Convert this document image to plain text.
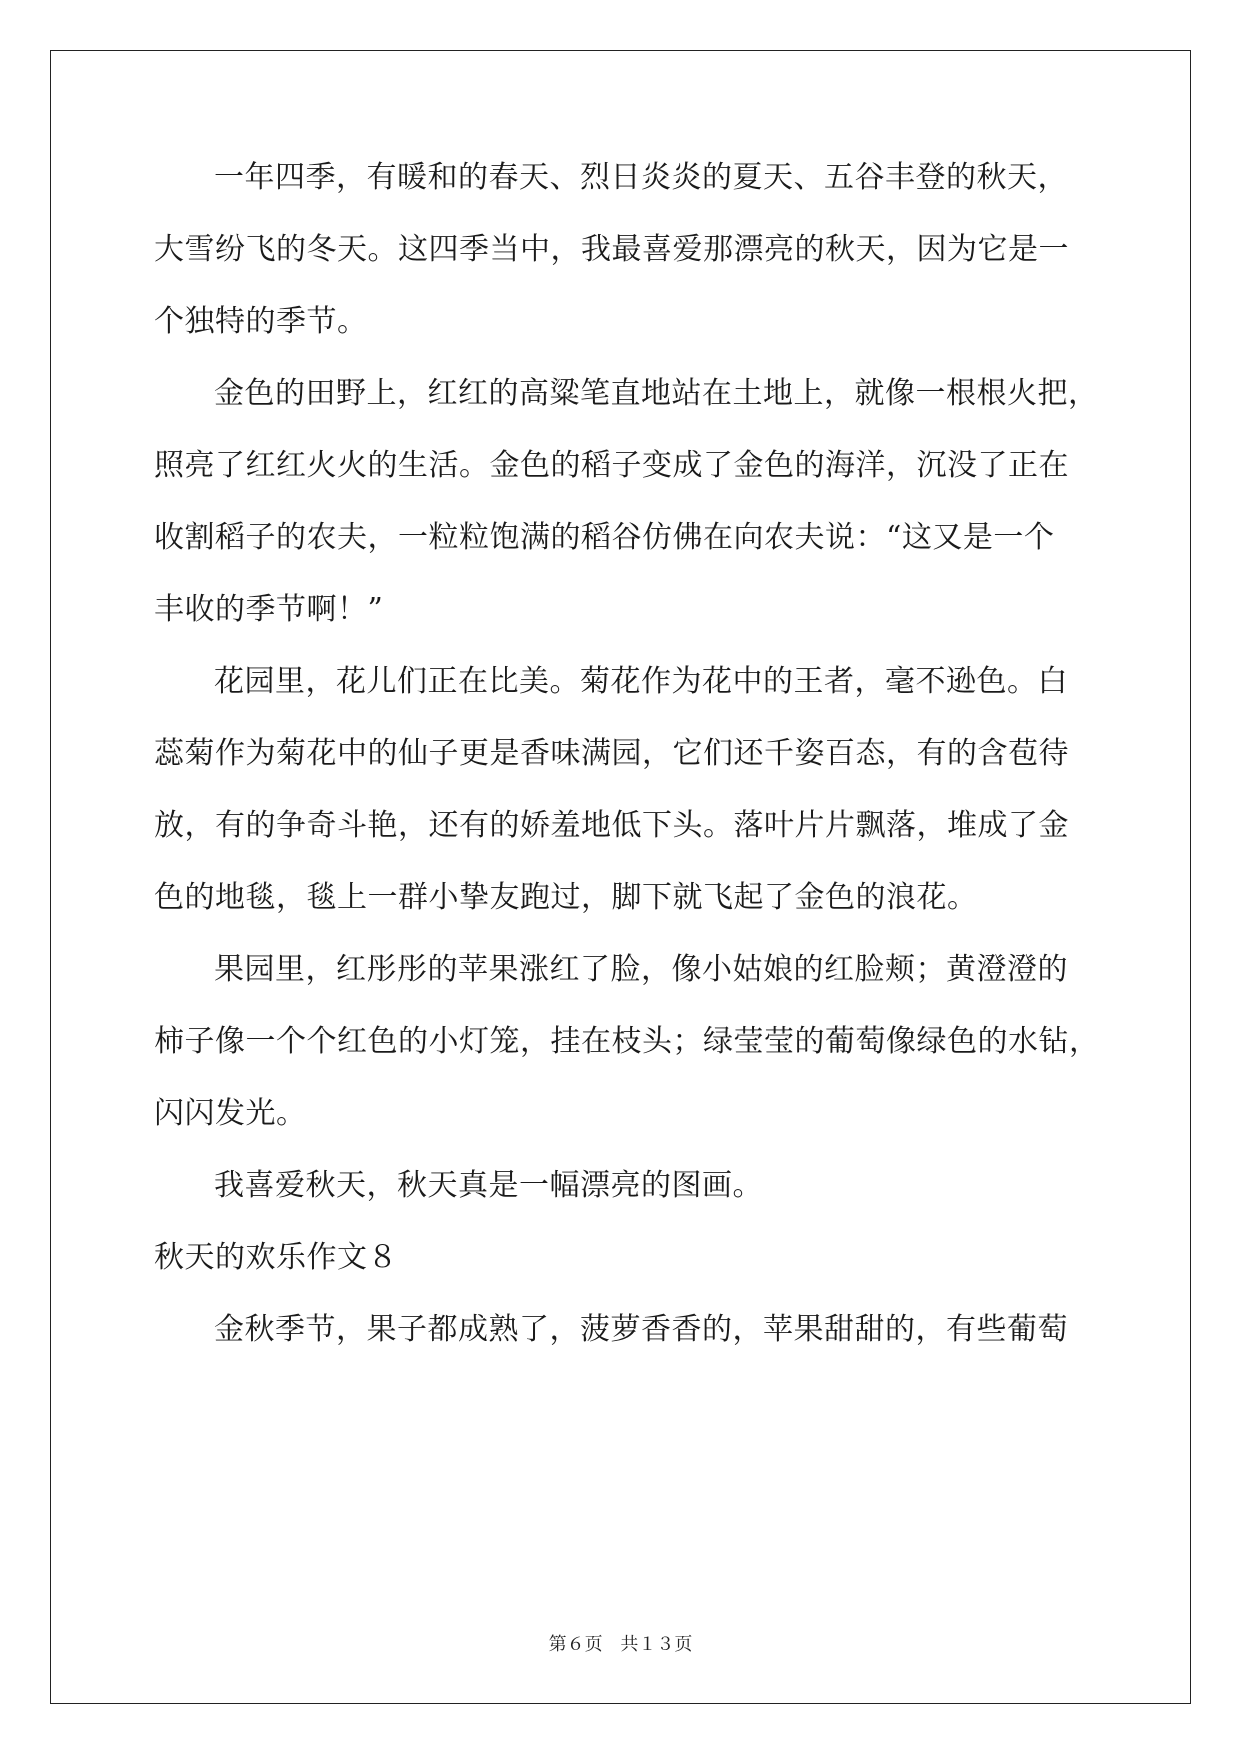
一年四季，有暖和的春天、烈日炎炎的夏天、五谷丰登的秋天，
大雪纷飞的冬天。这四季当中，我最喜爱那漂亮的秋天，因为它是一
个独特的季节。
金色的田野上，红红的高粱笔直地站在土地上，就像一根根火把，
照亮了红红火火的生活。金色的稻子变成了金色的海洋，沉没了正在
收割稻子的农夫，一粒粒饱满的稻谷仿佛在向农夫说：“这又是一个
丰收的季节啊！”
花园里，花儿们正在比美。菊花作为花中的王者，毫不逊色。白
蕊菊作为菊花中的仙子更是香味满园，它们还千姿百态，有的含苞待
放，有的争奇斗艳，还有的娇羞地低下头。落叶片片飘落，堆成了金
色的地毯，毯上一群小挚友跑过，脚下就飞起了金色的浪花。
果园里，红彤彤的苹果涨红了脸，像小姑娘的红脸颊；黄澄澄的
柿子像一个个红色的小灯笼，挂在枝头；绿莹莹的葡萄像绿色的水钻，
闪闪发光。
我喜爱秋天，秋天真是一幅漂亮的图画。
秋天的欢乐作文８
金秋季节，果子都成熟了，菠萝香香的，苹果甜甜的，有些葡萄
第６页 共１３页
